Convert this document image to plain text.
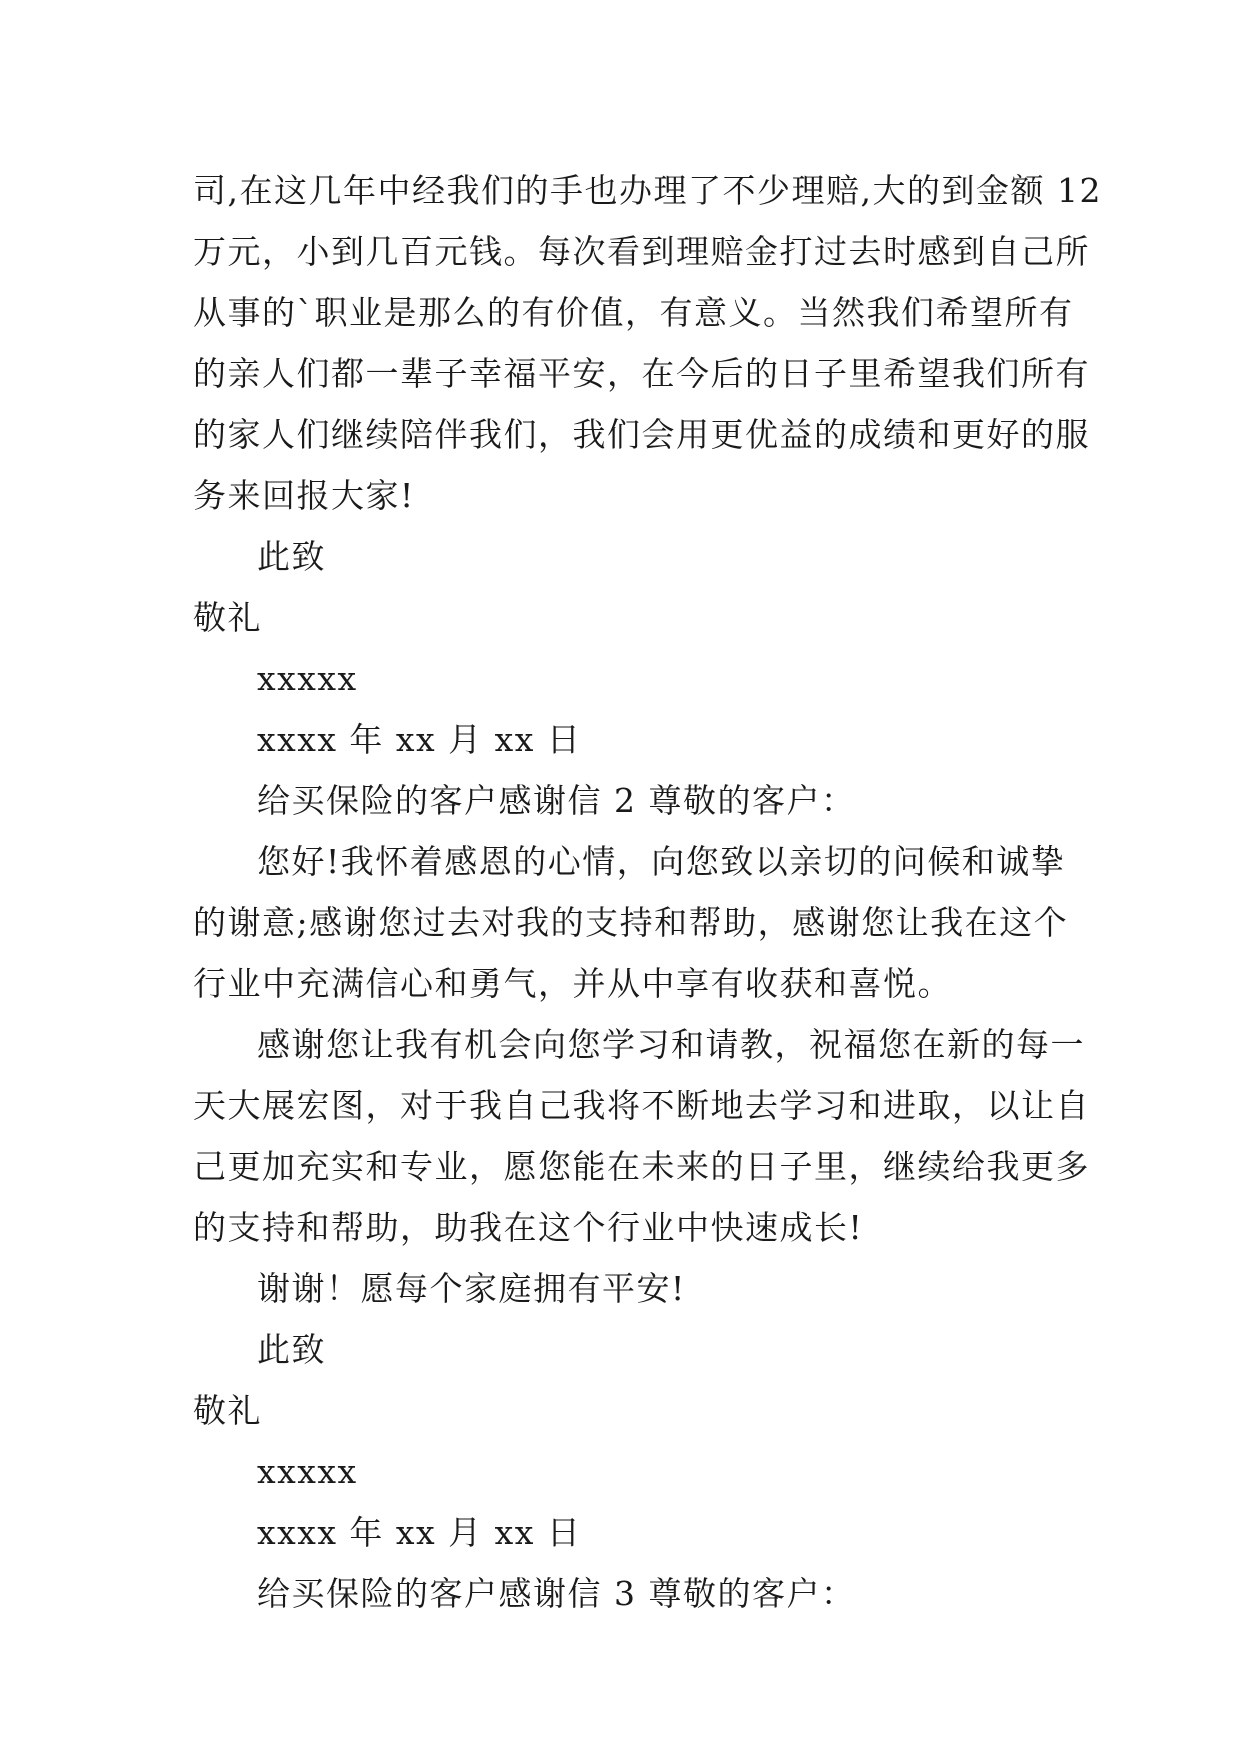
司,在这几年中经我们的手也办理了不少理赔,大的到金额 12
万元，小到几百元钱。每次看到理赔金打过去时感到自己所
从事的`职业是那么的有价值，有意义。当然我们希望所有
的亲人们都一辈子幸福平安，在今后的日子里希望我们所有
的家人们继续陪伴我们，我们会用更优益的成绩和更好的服
务来回报大家!
此致
敬礼
xxxxx
xxxx 年 xx 月 xx 日
给买保险的客户感谢信 2 尊敬的客户：
您好!我怀着感恩的心情，向您致以亲切的问候和诚挚
的谢意;感谢您过去对我的支持和帮助，感谢您让我在这个
行业中充满信心和勇气，并从中享有收获和喜悦。
感谢您让我有机会向您学习和请教，祝福您在新的每一
天大展宏图，对于我自己我将不断地去学习和进取，以让自
己更加充实和专业，愿您能在未来的日子里，继续给我更多
的支持和帮助，助我在这个行业中快速成长!
谢谢！愿每个家庭拥有平安!
此致
敬礼
xxxxx
xxxx 年 xx 月 xx 日
给买保险的客户感谢信 3 尊敬的客户：
